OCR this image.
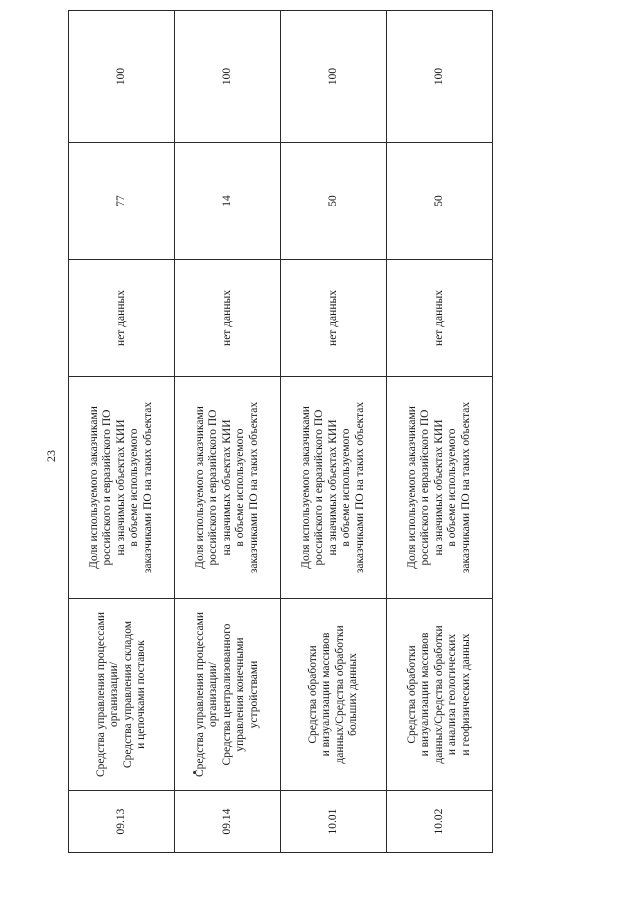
23
09.13	Средства управления процессами
организации/
Средства управления складом
и цепочками поставок	Доля используемого заказчиками
российского и евразийского ПО
на значимых объектах КИИ
в объеме используемого
заказчиками ПО на таких объектах	нет данных	77	100
09.14	Средства управления процессами
организации/
Средства централизованного
управления конечными
устройствами	Доля используемого заказчиками
российского и евразийского ПО
на значимых объектах КИИ
в объеме используемого
заказчиками ПО на таких объектах	нет данных	14	100
10.01	Средства обработки
и визуализации массивов
данных/Средства обработки
больших данных	Доля используемого заказчиками
российского и евразийского ПО
на значимых объектах КИИ
в объеме используемого
заказчиками ПО на таких объектах	нет данных	50	100
10.02	Средства обработки
и визуализации массивов
данных/Средства обработки
и анализа геологических
и геофизических данных	Доля используемого заказчиками
российского и евразийского ПО
на значимых объектах КИИ
в объеме используемого
заказчиками ПО на таких объектах	нет данных	50	100
